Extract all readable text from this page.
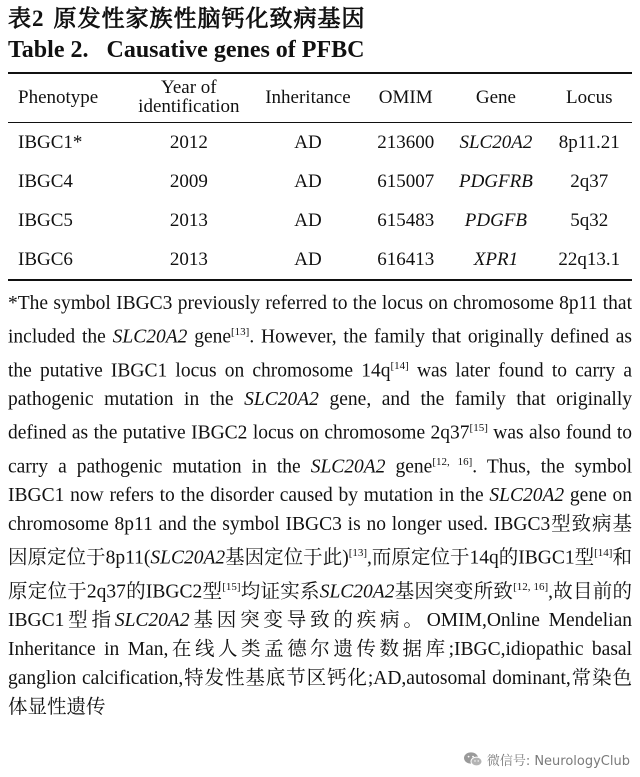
表2 原发性家族性脑钙化致病基因
Table 2. Causative genes of PFBC
Phenotype	Year of identification	Inheritance	OMIM	Gene	Locus
IBGC1*	2012	AD	213600	SLC20A2	8p11.21
IBGC4	2009	AD	615007	PDGFRB	2q37
IBGC5	2013	AD	615483	PDGFB	5q32
IBGC6	2013	AD	616413	XPR1	22q13.1

*The symbol IBGC3 previously referred to the locus on chromosome 8p11 that included the SLC20A2 gene[13]. However, the family that originally defined as the putative IBGC1 locus on chromosome 14q[14] was later found to carry a pathogenic mutation in the SLC20A2 gene, and the family that originally defined as the putative IBGC2 locus on chromosome 2q37[15] was also found to carry a pathogenic mutation in the SLC20A2 gene[12, 16]. Thus, the symbol IBGC1 now refers to the disorder caused by mutation in the SLC20A2 gene on chromosome 8p11 and the symbol IBGC3 is no longer used. IBGC3型致病基因原定位于8p11(SLC20A2基因定位于此)[13],而原定位于14q的IBGC1型[14]和原定位于2q37的IBGC2型[15]均证实系SLC20A2基因突变所致[12, 16],故目前的IBGC1型指SLC20A2基因突变导致的疾病。OMIM,Online Mendelian Inheritance in Man,在线人类孟德尔遗传数据库;IBGC,idiopathic basal ganglion calcification,特发性基底节区钙化;AD,autosomal dominant,常染色体显性遗传

微信号: NeurologyClub
